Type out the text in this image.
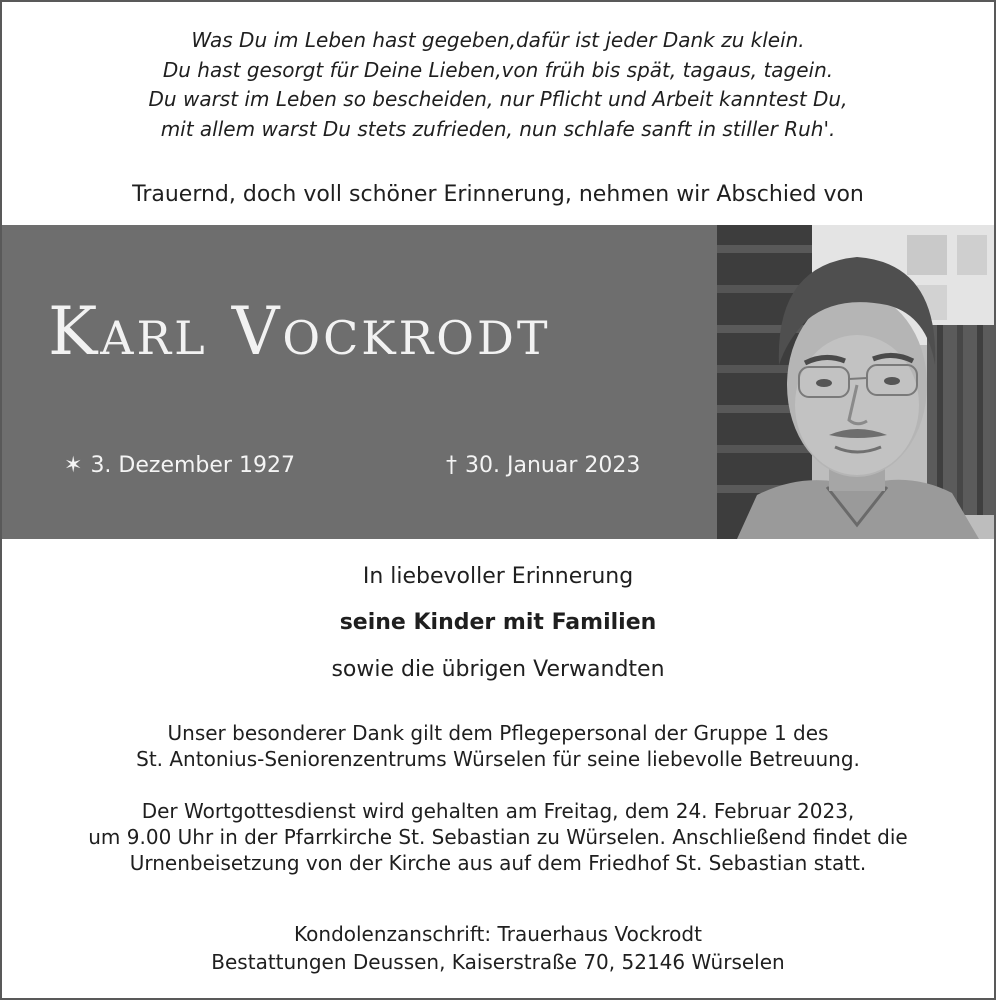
Was Du im Leben hast gegeben,dafür ist jeder Dank zu klein.
Du hast gesorgt für Deine Lieben,von früh bis spät, tagaus, tagein.
Du warst im Leben so bescheiden, nur Pflicht und Arbeit kanntest Du,
mit allem warst Du stets zufrieden, nun schlafe sanft in stiller Ruh'.
Trauernd, doch voll schöner Erinnerung, nehmen wir Abschied von
Karl Vockrodt
✶ 3. Dezember 1927	† 30. Januar 2023
In liebevoller Erinnerung
seine Kinder mit Familien
sowie die übrigen Verwandten
Unser besonderer Dank gilt dem Pflegepersonal der Gruppe 1 des
St. Antonius-Seniorenzentrums Würselen für seine liebevolle Betreuung.
Der Wortgottesdienst wird gehalten am Freitag, dem 24. Februar 2023,
um 9.00 Uhr in der Pfarrkirche St. Sebastian zu Würselen. Anschließend findet die
Urnenbeisetzung von der Kirche aus auf dem Friedhof St. Sebastian statt.
Kondolenzanschrift: Trauerhaus Vockrodt
Bestattungen Deussen, Kaiserstraße 70, 52146 Würselen
